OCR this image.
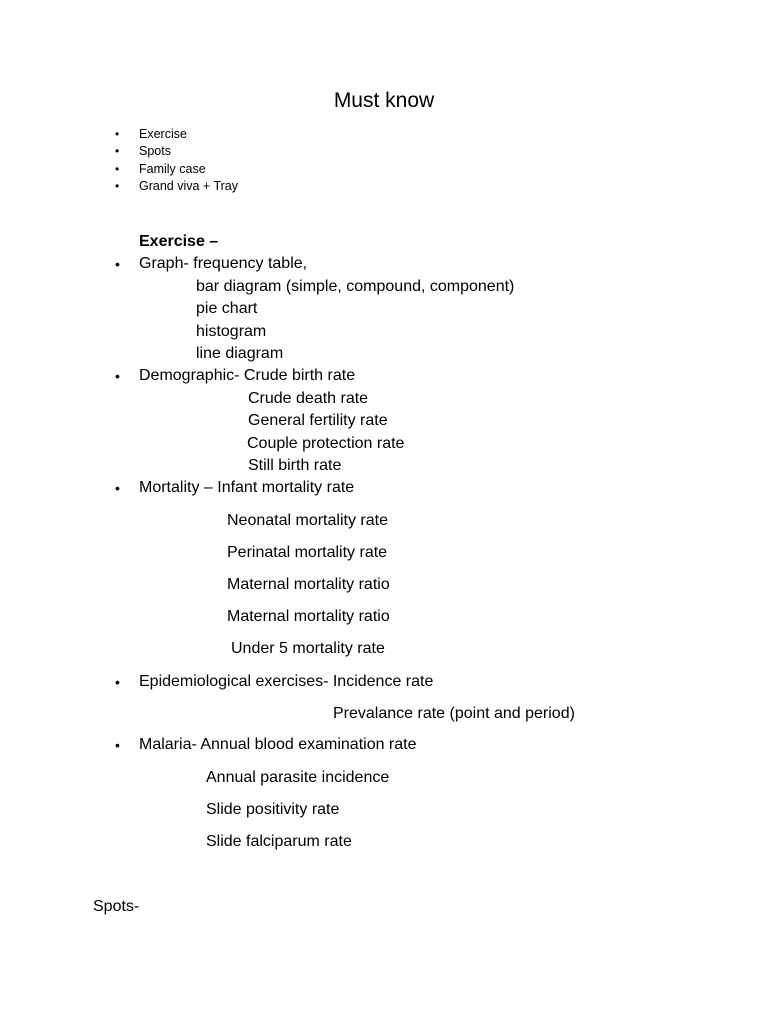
Must know
• Exercise
• Spots
• Family case
• Grand viva + Tray
Exercise –
• Graph- frequency table,
bar diagram (simple, compound, component)
pie chart
histogram
line diagram
• Demographic- Crude birth rate
Crude death rate
General fertility rate
Couple protection rate
Still birth rate
• Mortality – Infant mortality rate
Neonatal mortality rate
Perinatal mortality rate
Maternal mortality ratio
Maternal mortality ratio
Under 5 mortality rate
• Epidemiological exercises- Incidence rate
Prevalance rate (point and period)
• Malaria- Annual blood examination rate
Annual parasite incidence
Slide positivity rate
Slide falciparum rate
Spots-
